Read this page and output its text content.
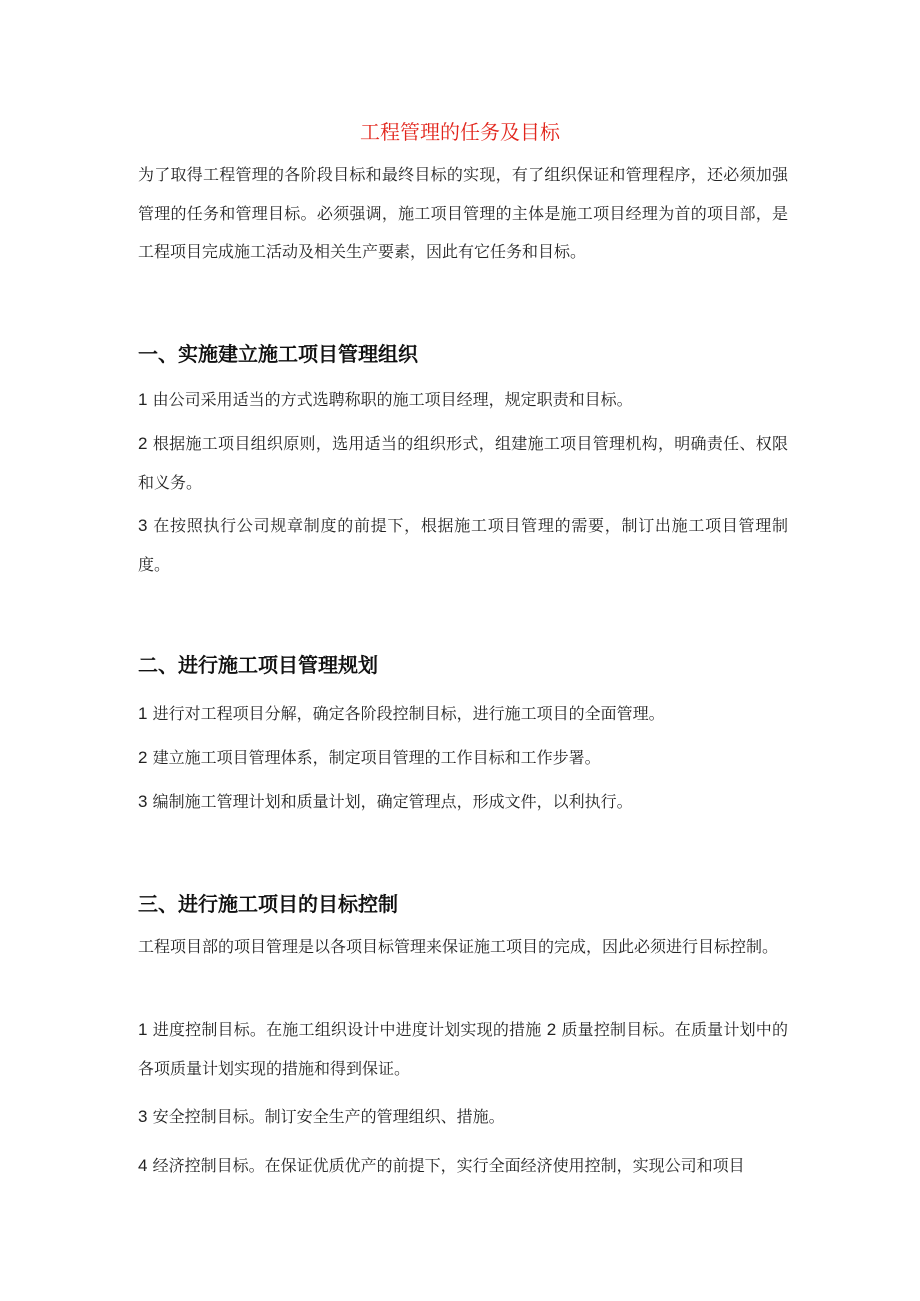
工程管理的任务及目标

为了取得工程管理的各阶段目标和最终目标的实现，有了组织保证和管理程序，还必须加强管理的任务和管理目标。必须强调，施工项目管理的主体是施工项目经理为首的项目部，是工程项目完成施工活动及相关生产要素，因此有它任务和目标。

一、实施建立施工项目管理组织

1 由公司采用适当的方式选聘称职的施工项目经理，规定职责和目标。

2 根据施工项目组织原则，选用适当的组织形式，组建施工项目管理机构，明确责任、权限和义务。

3 在按照执行公司规章制度的前提下，根据施工项目管理的需要，制订出施工项目管理制度。

二、进行施工项目管理规划

1 进行对工程项目分解，确定各阶段控制目标，进行施工项目的全面管理。

2 建立施工项目管理体系，制定项目管理的工作目标和工作步署。

3 编制施工管理计划和质量计划，确定管理点，形成文件，以利执行。

三、进行施工项目的目标控制

工程项目部的项目管理是以各项目标管理来保证施工项目的完成，因此必须进行目标控制。

1 进度控制目标。在施工组织设计中进度计划实现的措施 2 质量控制目标。在质量计划中的各项质量计划实现的措施和得到保证。

3 安全控制目标。制订安全生产的管理组织、措施。

4 经济控制目标。在保证优质优产的前提下，实行全面经济使用控制，实现公司和项目
